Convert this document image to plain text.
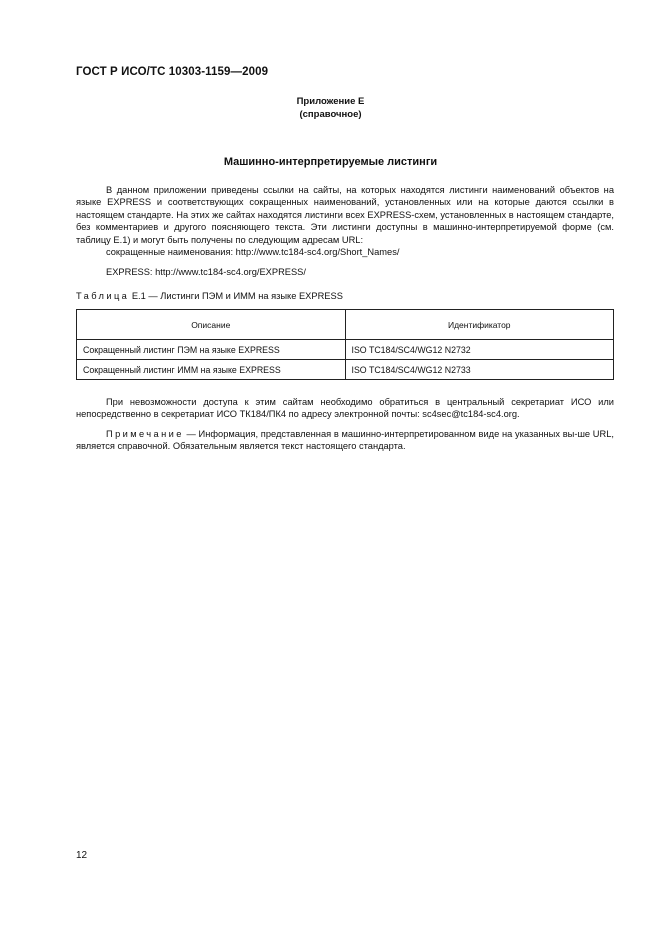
ГОСТ Р ИСО/ТС 10303-1159—2009
Приложение Е
(справочное)
Машинно-интерпретируемые листинги
В данном приложении приведены ссылки на сайты, на которых находятся листинги наименований объектов на языке EXPRESS и соответствующих сокращенных наименований, установленных или на которые даются ссылки в настоящем стандарте. На этих же сайтах находятся листинги всех EXPRESS-схем, установленных в настоящем стандарте, без комментариев и другого поясняющего текста. Эти листинги доступны в машинно-интерпретируемой форме (см. таблицу Е.1) и могут быть получены по следующим адресам URL:
сокращенные наименования: http://www.tc184-sc4.org/Short_Names/
EXPRESS: http://www.tc184-sc4.org/EXPRESS/
Таблица Е.1 — Листинги ПЭМ и ИММ на языке EXPRESS
Описание	Идентификатор
Сокращенный листинг ПЭМ на языке EXPRESS	ISO TC184/SC4/WG12 N2732
Сокращенный листинг ИММ на языке EXPRESS	ISO TC184/SC4/WG12 N2733
При невозможности доступа к этим сайтам необходимо обратиться в центральный секретариат ИСО или непосредственно в секретариат ИСО ТК184/ПК4 по адресу электронной почты: sc4sec@tc184-sc4.org.
Примечание — Информация, представленная в машинно-интерпретированном виде на указанных вы-ше URL, является справочной. Обязательным является текст настоящего стандарта.
12
